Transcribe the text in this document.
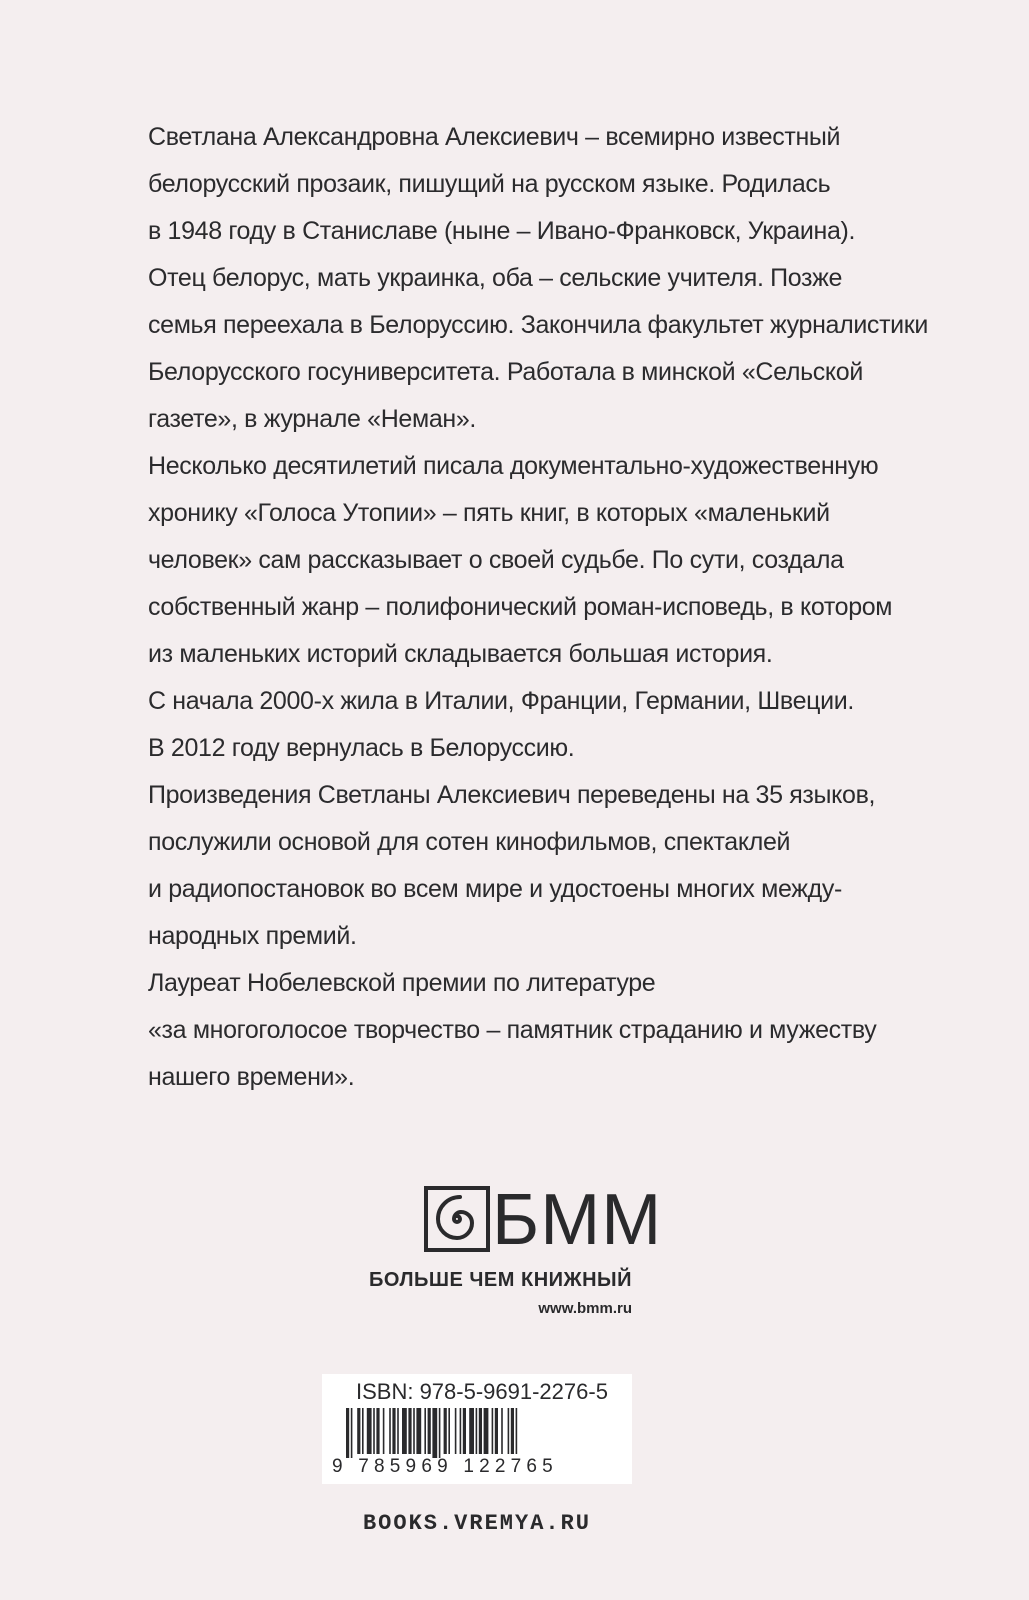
Светлана Александровна Алексиевич – всемирно известный
белорусский прозаик, пишущий на русском языке. Родилась
в 1948 году в Станиславе (ныне – Ивано-Франковск, Украина).
Отец белорус, мать украинка, оба – сельские учителя. Позже
семья переехала в Белоруссию. Закончила факультет журналистики
Белорусского госуниверситета. Работала в минской «Сельской
газете», в журнале «Неман».
Несколько десятилетий писала документально-художественную
хронику «Голоса Утопии» – пять книг, в которых «маленький
человек» сам рассказывает о своей судьбе. По сути, создала
собственный жанр – полифонический роман-исповедь, в котором
из маленьких историй складывается большая история.
С начала 2000-х жила в Италии, Франции, Германии, Швеции.
В 2012 году вернулась в Белоруссию.
Произведения Светланы Алексиевич переведены на 35 языков,
послужили основой для сотен кинофильмов, спектаклей
и радиопостановок во всем мире и удостоены многих между-
народных премий.
Лауреат Нобелевской премии по литературе
«за многоголосое творчество – памятник страданию и мужеству
нашего времени».
БММ
БОЛЬШЕ ЧЕМ КНИЖНЫЙ
www.bmm.ru
ISBN: 978-5-9691-2276-5
9 785969 122765
BOOKS.VREMYA.RU
